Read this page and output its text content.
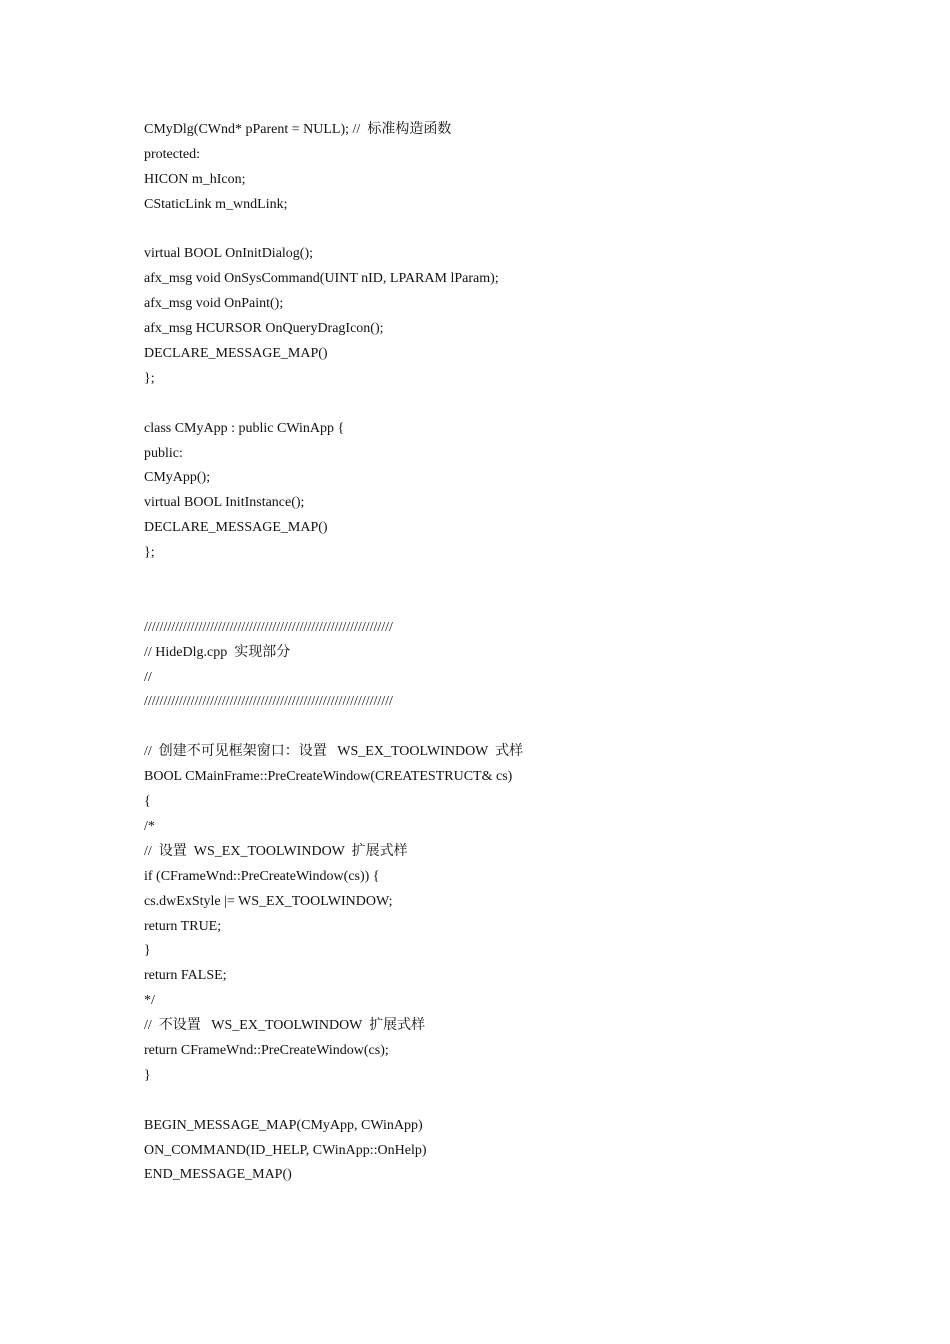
CMyDlg(CWnd* pParent = NULL); //  标准构造函数
protected:
HICON m_hIcon;
CStaticLink m_wndLink;
virtual BOOL OnInitDialog();
afx_msg void OnSysCommand(UINT nID, LPARAM lParam);
afx_msg void OnPaint();
afx_msg HCURSOR OnQueryDragIcon();
DECLARE_MESSAGE_MAP()
};
class CMyApp : public CWinApp {
public:
CMyApp();
virtual BOOL InitInstance();
DECLARE_MESSAGE_MAP()
};
////////////////////////////////////////////////////////////////
// HideDlg.cpp  实现部分
//
////////////////////////////////////////////////////////////////
//  创建不可见框架窗口：设置   WS_EX_TOOLWINDOW  式样
BOOL CMainFrame::PreCreateWindow(CREATESTRUCT& cs)
{
/*
//  设置  WS_EX_TOOLWINDOW  扩展式样
if (CFrameWnd::PreCreateWindow(cs)) {
cs.dwExStyle |= WS_EX_TOOLWINDOW;
return TRUE;
}
return FALSE;
*/
//  不设置   WS_EX_TOOLWINDOW  扩展式样
return CFrameWnd::PreCreateWindow(cs);
}
BEGIN_MESSAGE_MAP(CMyApp, CWinApp)
ON_COMMAND(ID_HELP, CWinApp::OnHelp)
END_MESSAGE_MAP()
